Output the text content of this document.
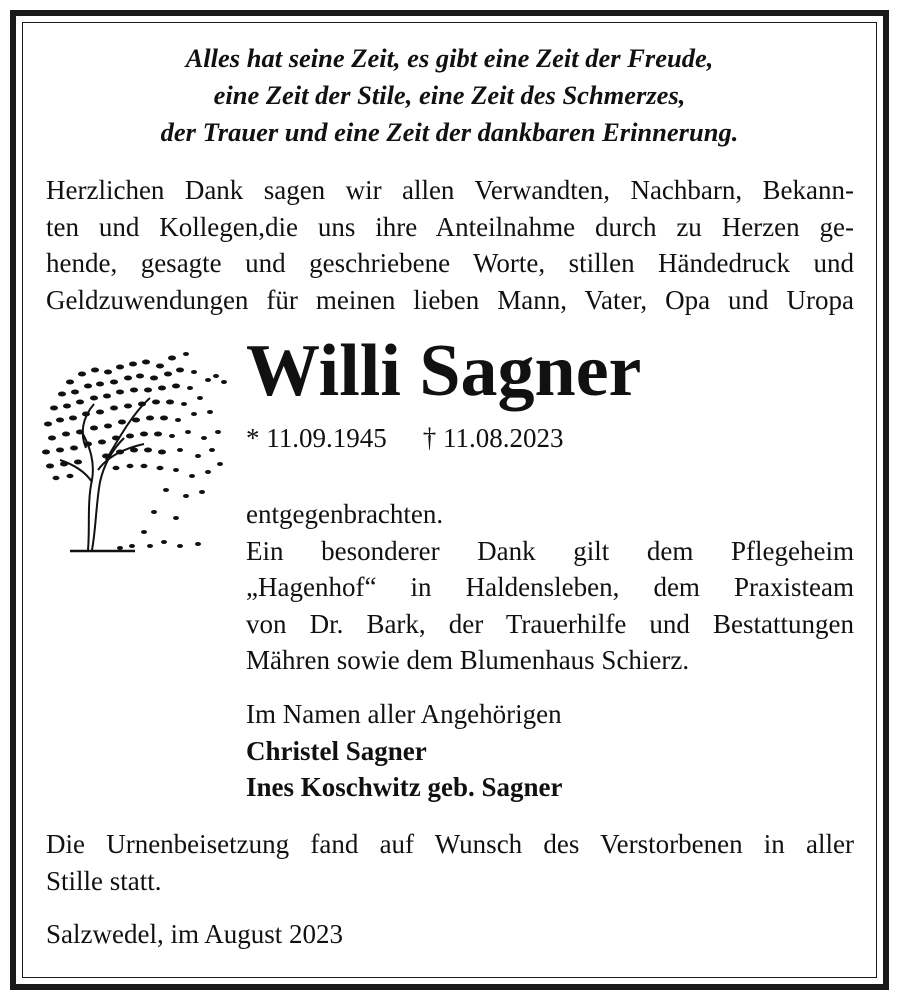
Alles hat seine Zeit, es gibt eine Zeit der Freude,
eine Zeit der Stile, eine Zeit des Schmerzes,
der Trauer und eine Zeit der dankbaren Erinnerung.
Herzlichen Dank sagen wir allen Verwandten, Nachbarn, Bekann-
ten und Kollegen,die uns ihre Anteilnahme durch zu Herzen ge-
hende, gesagte und geschriebene Worte, stillen Händedruck und
Geldzuwendungen für meinen lieben Mann, Vater, Opa und Uropa
Willi Sagner
* 11.09.1945 † 11.08.2023
entgegenbrachten.
Ein besonderer Dank gilt dem Pflegeheim
„Hagenhof“ in Haldensleben, dem Praxisteam
von Dr. Bark, der Trauerhilfe und Bestattungen
Mähren sowie dem Blumenhaus Schierz.
Im Namen aller Angehörigen
Christel Sagner
Ines Koschwitz geb. Sagner
Die Urnenbeisetzung fand auf Wunsch des Verstorbenen in aller
Stille statt.
Salzwedel, im August 2023
